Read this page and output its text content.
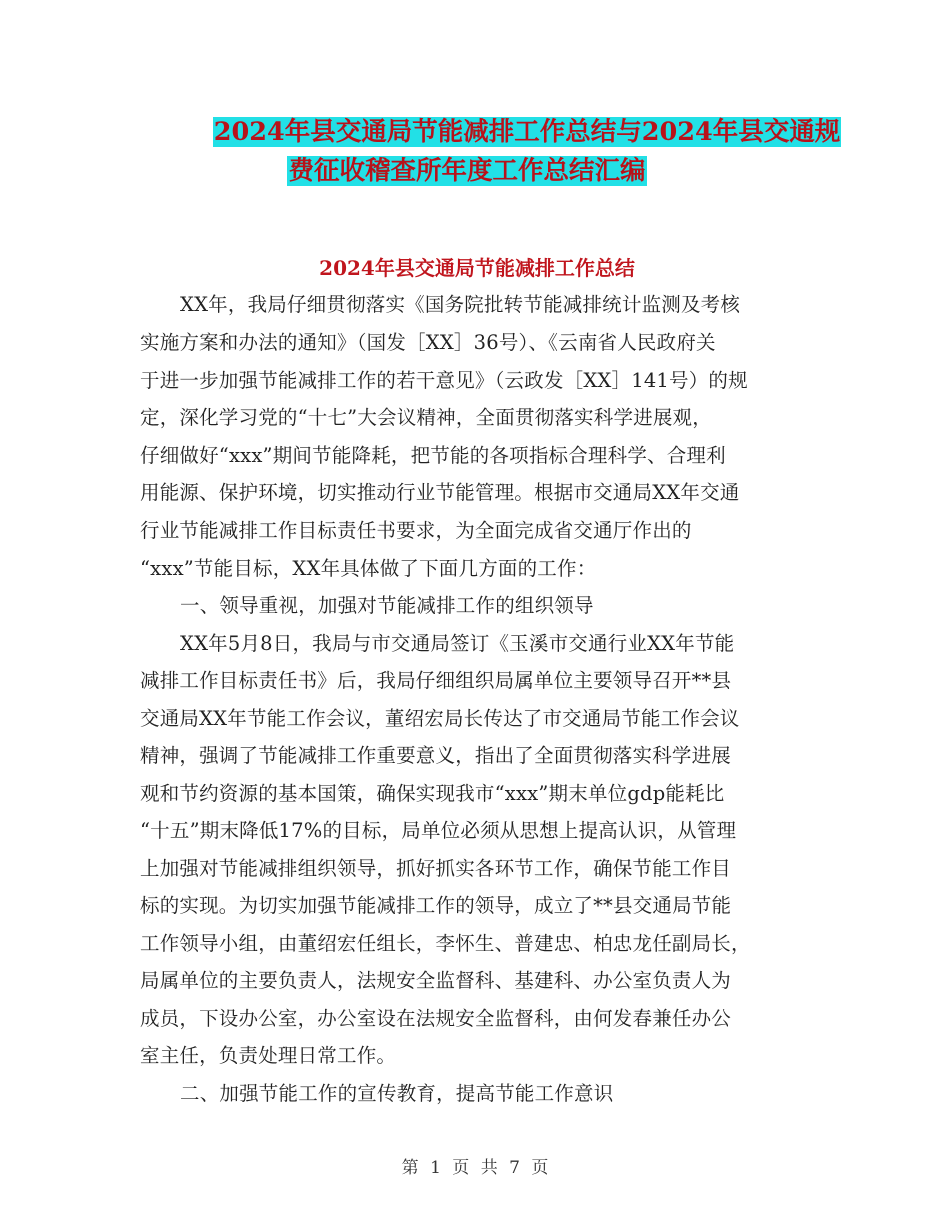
2024年县交通局节能减排工作总结与2024年县交通规
费征收稽查所年度工作总结汇编
2024年县交通局节能减排工作总结
XX年，我局仔细贯彻落实《国务院批转节能减排统计监测及考核
实施方案和办法的通知》（国发［XX］36号）、《云南省人民政府关
于进一步加强节能减排工作的若干意见》（云政发［XX］141号）的规
定，深化学习党的“十七”大会议精神，全面贯彻落实科学进展观，
仔细做好“xxx”期间节能降耗，把节能的各项指标合理科学、合理利
用能源、保护环境，切实推动行业节能管理。根据市交通局XX年交通
行业节能减排工作目标责任书要求，为全面完成省交通厅作出的
“xxx”节能目标，XX年具体做了下面几方面的工作：
一、领导重视，加强对节能减排工作的组织领导
XX年5月8日，我局与市交通局签订《玉溪市交通行业XX年节能
减排工作目标责任书》后，我局仔细组织局属单位主要领导召开**县
交通局XX年节能工作会议，董绍宏局长传达了市交通局节能工作会议
精神，强调了节能减排工作重要意义，指出了全面贯彻落实科学进展
观和节约资源的基本国策，确保实现我市“xxx”期末单位gdp能耗比
“十五”期末降低17%的目标，局单位必须从思想上提高认识，从管理
上加强对节能减排组织领导，抓好抓实各环节工作，确保节能工作目
标的实现。为切实加强节能减排工作的领导，成立了**县交通局节能
工作领导小组，由董绍宏任组长，李怀生、普建忠、柏忠龙任副局长，
局属单位的主要负责人，法规安全监督科、基建科、办公室负责人为
成员，下设办公室，办公室设在法规安全监督科，由何发春兼任办公
室主任，负责处理日常工作。
二、加强节能工作的宣传教育，提高节能工作意识
第 1 页 共 7 页
